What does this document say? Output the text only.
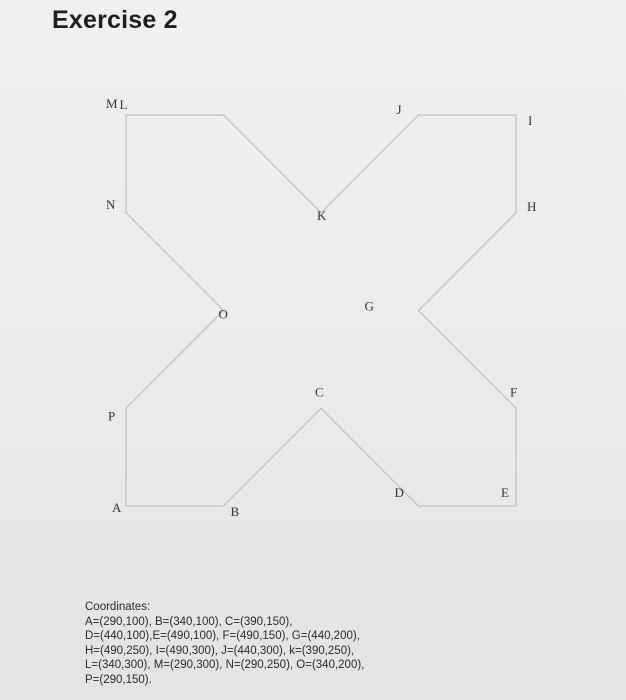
Exercise 2
A	B
C
D	E
F
G
H
I
J
K
L
M
N
O
P
Coordinates:
A=(290,100), B=(340,100), C=(390,150),
D=(440,100),E=(490,100), F=(490,150), G=(440,200),
H=(490,250), I=(490,300), J=(440,300), k=(390,250),
L=(340,300), M=(290,300), N=(290,250), O=(340,200),
P=(290,150).
